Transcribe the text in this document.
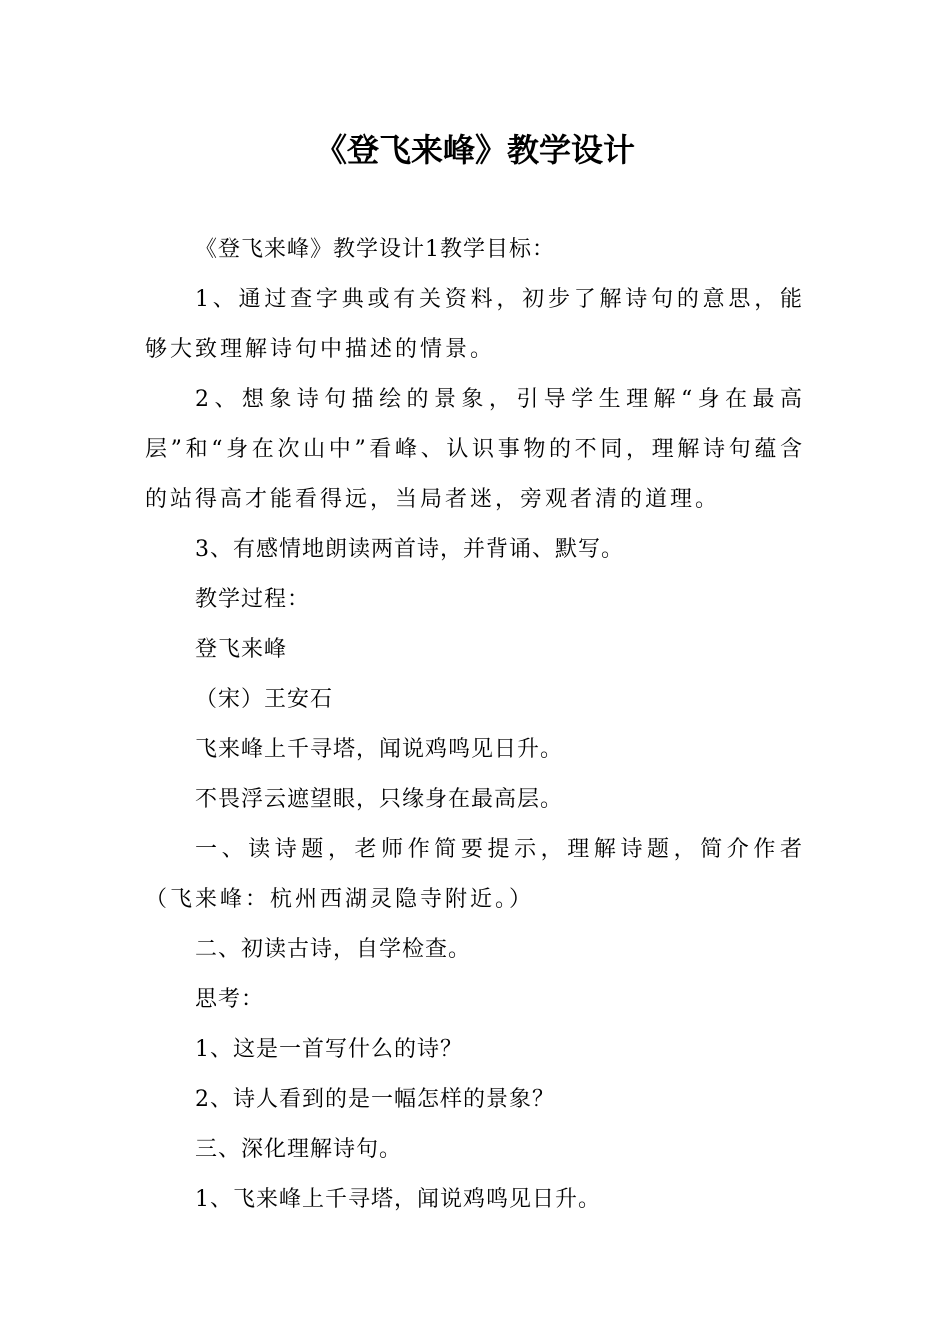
《登飞来峰》教学设计

《登飞来峰》教学设计1教学目标：

1、通过查字典或有关资料，初步了解诗句的意思，能够大致理解诗句中描述的情景。

2、想象诗句描绘的景象，引导学生理解“身在最高层”和“身在次山中”看峰、认识事物的不同，理解诗句蕴含的站得高才能看得远，当局者迷，旁观者清的道理。

3、有感情地朗读两首诗，并背诵、默写。

教学过程：

登飞来峰

（宋）王安石

飞来峰上千寻塔，闻说鸡鸣见日升。

不畏浮云遮望眼，只缘身在最高层。

一、读诗题，老师作简要提示，理解诗题，简介作者（飞来峰：杭州西湖灵隐寺附近。）

二、初读古诗，自学检查。

思考：

1、这是一首写什么的诗？

2、诗人看到的是一幅怎样的景象？

三、深化理解诗句。

1、飞来峰上千寻塔，闻说鸡鸣见日升。
